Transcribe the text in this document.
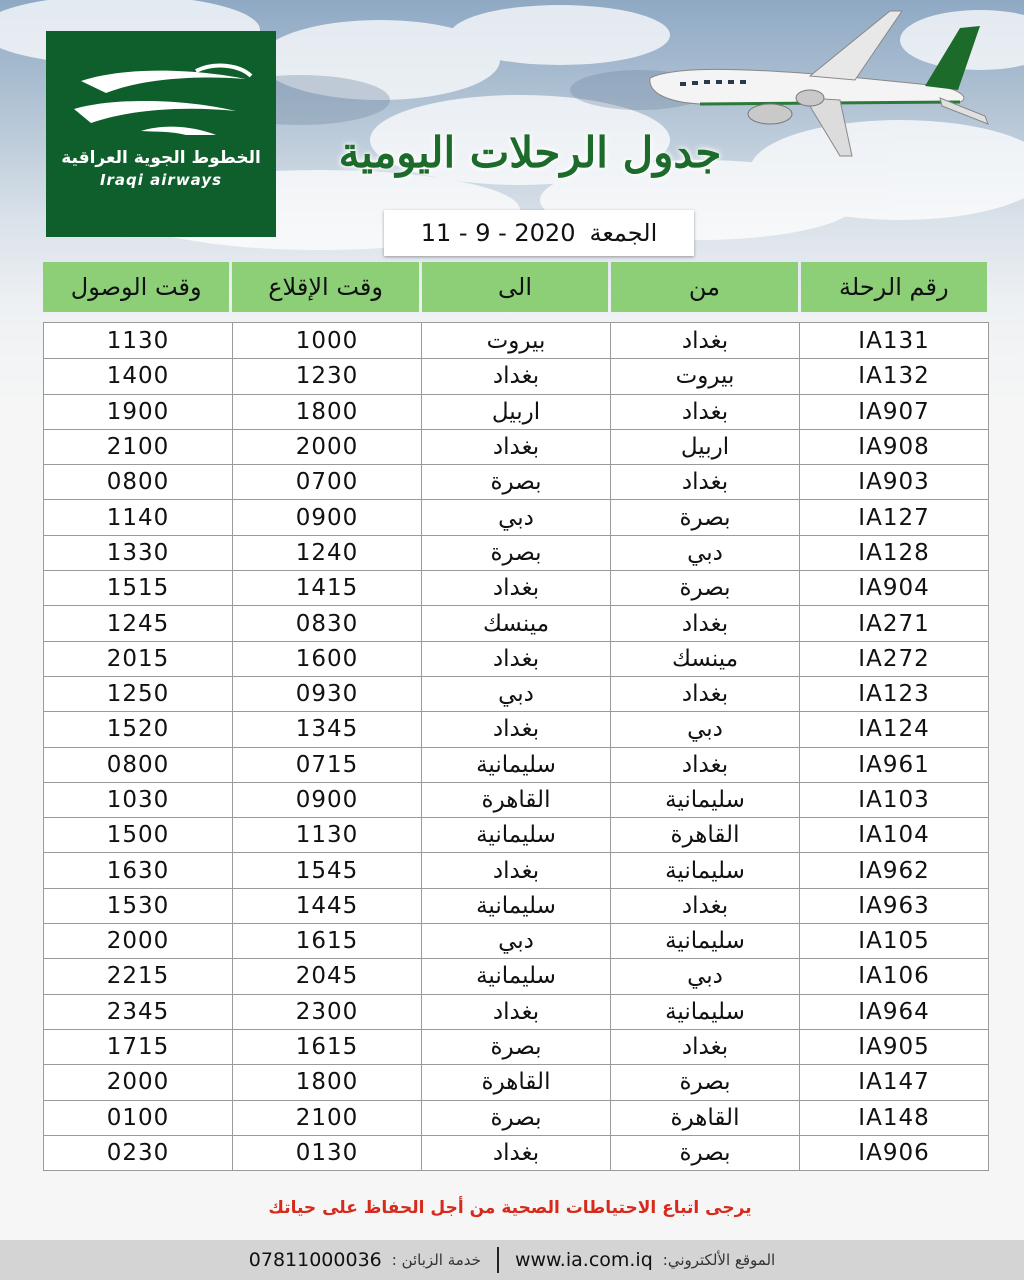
الخطوط الجوية العراقية
Iraqi airways
جدول الرحلات اليومية
11 - 9 - 2020 الجمعة
رقم الرحلة
من
الى
وقت الإقلاع
وقت الوصول
IA131
بغداد
بيروت
1000
1130
IA132
بيروت
بغداد
1230
1400
IA907
بغداد
اربيل
1800
1900
IA908
اربيل
بغداد
2000
2100
IA903
بغداد
بصرة
0700
0800
IA127
بصرة
دبي
0900
1140
IA128
دبي
بصرة
1240
1330
IA904
بصرة
بغداد
1415
1515
IA271
بغداد
مينسك
0830
1245
IA272
مينسك
بغداد
1600
2015
IA123
بغداد
دبي
0930
1250
IA124
دبي
بغداد
1345
1520
IA961
بغداد
سليمانية
0715
0800
IA103
سليمانية
القاهرة
0900
1030
IA104
القاهرة
سليمانية
1130
1500
IA962
سليمانية
بغداد
1545
1630
IA963
بغداد
سليمانية
1445
1530
IA105
سليمانية
دبي
1615
2000
IA106
دبي
سليمانية
2045
2215
IA964
سليمانية
بغداد
2300
2345
IA905
بغداد
بصرة
1615
1715
IA147
بصرة
القاهرة
1800
2000
IA148
القاهرة
بصرة
2100
0100
IA906
بصرة
بغداد
0130
0230
يرجى اتباع الاحتياطات الصحية من أجل الحفاظ على حياتك
الموقع الألكتروني:
www.ia.com.iq
خدمة الزبائن :
07811000036
